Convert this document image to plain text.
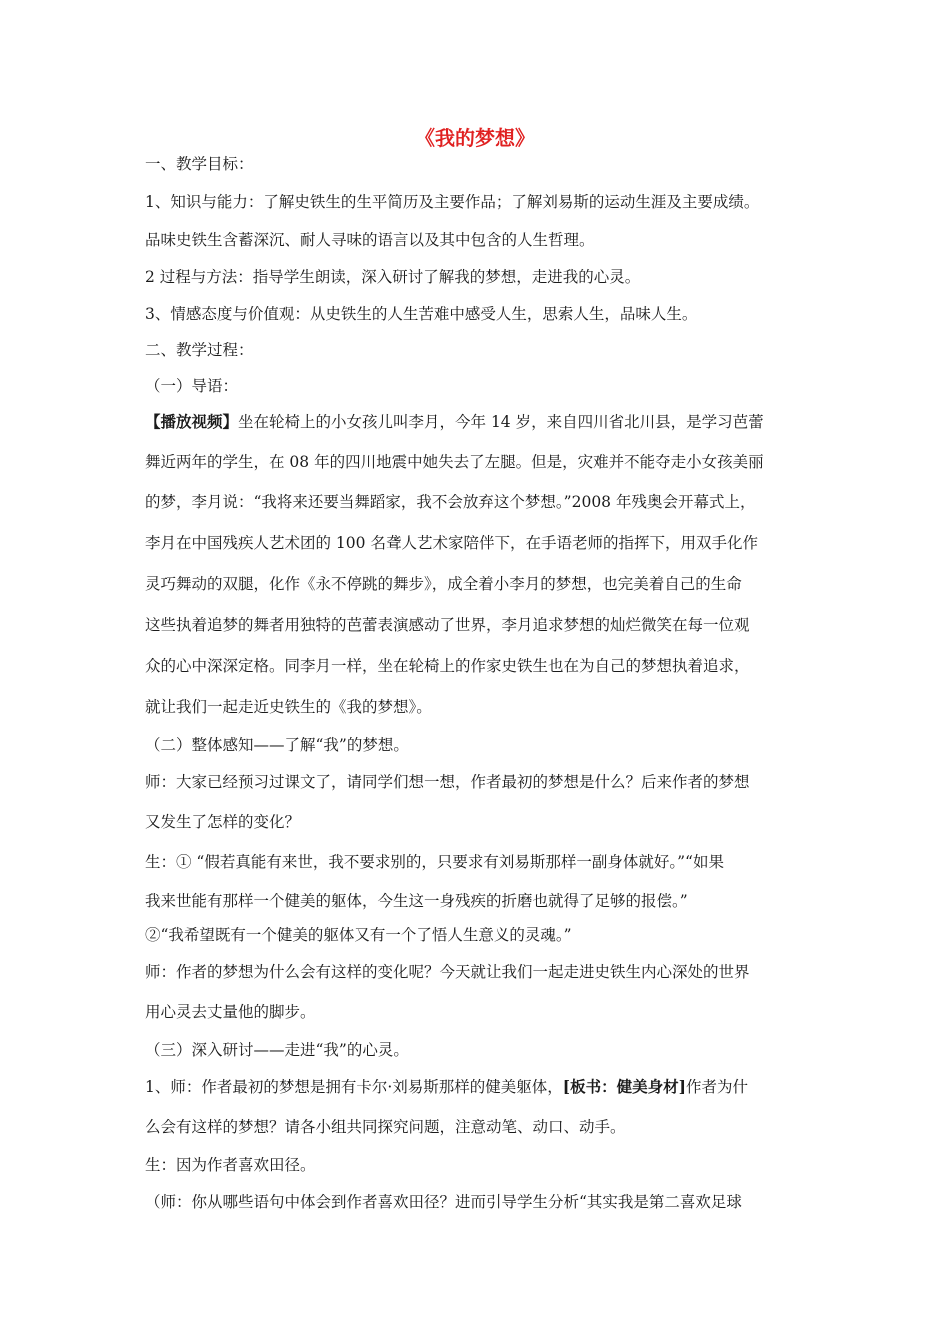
《我的梦想》
一、教学目标：
1、知识与能力：了解史铁生的生平简历及主要作品；了解刘易斯的运动生涯及主要成绩。
品味史铁生含蓄深沉、耐人寻味的语言以及其中包含的人生哲理。
2 过程与方法：指导学生朗读，深入研讨了解我的梦想，走进我的心灵。
3、情感态度与价值观：从史铁生的人生苦难中感受人生，思索人生，品味人生。
二、教学过程：
（一）导语：
【播放视频】坐在轮椅上的小女孩儿叫李月，今年 14 岁，来自四川省北川县，是学习芭蕾
舞近两年的学生，在 08 年的四川地震中她失去了左腿。但是，灾难并不能夺走小女孩美丽
的梦，李月说：“我将来还要当舞蹈家，我不会放弃这个梦想。”2008 年残奥会开幕式上，
李月在中国残疾人艺术团的 100 名聋人艺术家陪伴下，在手语老师的指挥下，用双手化作
灵巧舞动的双腿，化作《永不停跳的舞步》，成全着小李月的梦想，也完美着自己的生命
这些执着追梦的舞者用独特的芭蕾表演感动了世界，李月追求梦想的灿烂微笑在每一位观
众的心中深深定格。同李月一样，坐在轮椅上的作家史铁生也在为自己的梦想执着追求，
就让我们一起走近史铁生的《我的梦想》。
（二）整体感知——了解“我”的梦想。
师：大家已经预习过课文了，请同学们想一想，作者最初的梦想是什么？后来作者的梦想
又发生了怎样的变化？
生：① “假若真能有来世，我不要求别的，只要求有刘易斯那样一副身体就好。”“如果
我来世能有那样一个健美的躯体，今生这一身残疾的折磨也就得了足够的报偿。”
②“我希望既有一个健美的躯体又有一个了悟人生意义的灵魂。”
师：作者的梦想为什么会有这样的变化呢？今天就让我们一起走进史铁生内心深处的世界
用心灵去丈量他的脚步。
（三）深入研讨——走进“我”的心灵。
1、师：作者最初的梦想是拥有卡尔·刘易斯那样的健美躯体，[板书：健美身材]作者为什
么会有这样的梦想？请各小组共同探究问题，注意动笔、动口、动手。
生：因为作者喜欢田径。
（师：你从哪些语句中体会到作者喜欢田径？进而引导学生分析“其实我是第二喜欢足球
